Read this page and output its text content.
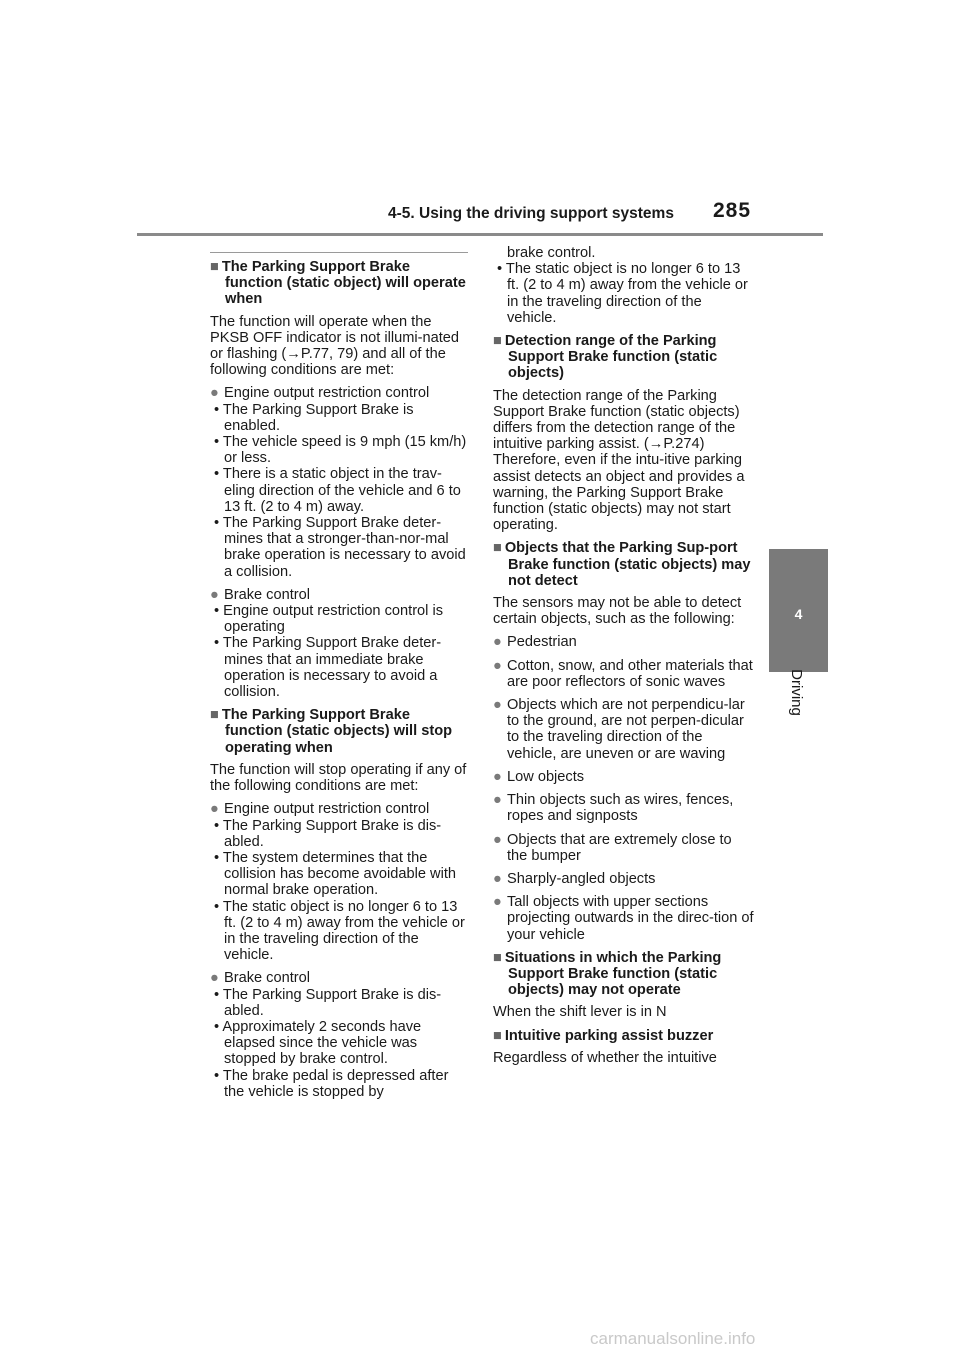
4-5. Using the driving support systems 285
4
Driving

■ The Parking Support Brake function (static object) will operate when

The function will operate when the PKSB OFF indicator is not illumi-nated or flashing (→P.77, 79) and all of the following conditions are met:

● Engine output restriction control

• The Parking Support Brake is enabled.

• The vehicle speed is 9 mph (15 km/h) or less.

• There is a static object in the trav-eling direction of the vehicle and 6 to 13 ft. (2 to 4 m) away.

• The Parking Support Brake deter-mines that a stronger-than-nor-mal brake operation is necessary to avoid a collision.

● Brake control

• Engine output restriction control is operating

• The Parking Support Brake deter-mines that an immediate brake operation is necessary to avoid a collision.

■ The Parking Support Brake function (static objects) will stop operating when

The function will stop operating if any of the following conditions are met:

● Engine output restriction control

• The Parking Support Brake is dis-abled.

• The system determines that the collision has become avoidable with normal brake operation.

• The static object is no longer 6 to 13 ft. (2 to 4 m) away from the vehicle or in the traveling direction of the vehicle.

● Brake control

• The Parking Support Brake is dis-abled.

• Approximately 2 seconds have elapsed since the vehicle was stopped by brake control.

• The brake pedal is depressed after the vehicle is stopped by

brake control.

• The static object is no longer 6 to 13 ft. (2 to 4 m) away from the vehicle or in the traveling direction of the vehicle.

■ Detection range of the Parking Support Brake function (static objects)

The detection range of the Parking Support Brake function (static objects) differs from the detection range of the intuitive parking assist. (→P.274) Therefore, even if the intu-itive parking assist detects an object and provides a warning, the Parking Support Brake function (static objects) may not start operating.

■ Objects that the Parking Sup-port Brake function (static objects) may not detect

The sensors may not be able to detect certain objects, such as the following:

● Pedestrian

● Cotton, snow, and other materials that are poor reflectors of sonic waves

● Objects which are not perpendicu-lar to the ground, are not perpen-dicular to the traveling direction of the vehicle, are uneven or are waving

● Low objects

● Thin objects such as wires, fences, ropes and signposts

● Objects that are extremely close to the bumper

● Sharply-angled objects

● Tall objects with upper sections projecting outwards in the direc-tion of your vehicle

■ Situations in which the Parking Support Brake function (static objects) may not operate

When the shift lever is in N

■ Intuitive parking assist buzzer

Regardless of whether the intuitive

carmanualsonline.info
